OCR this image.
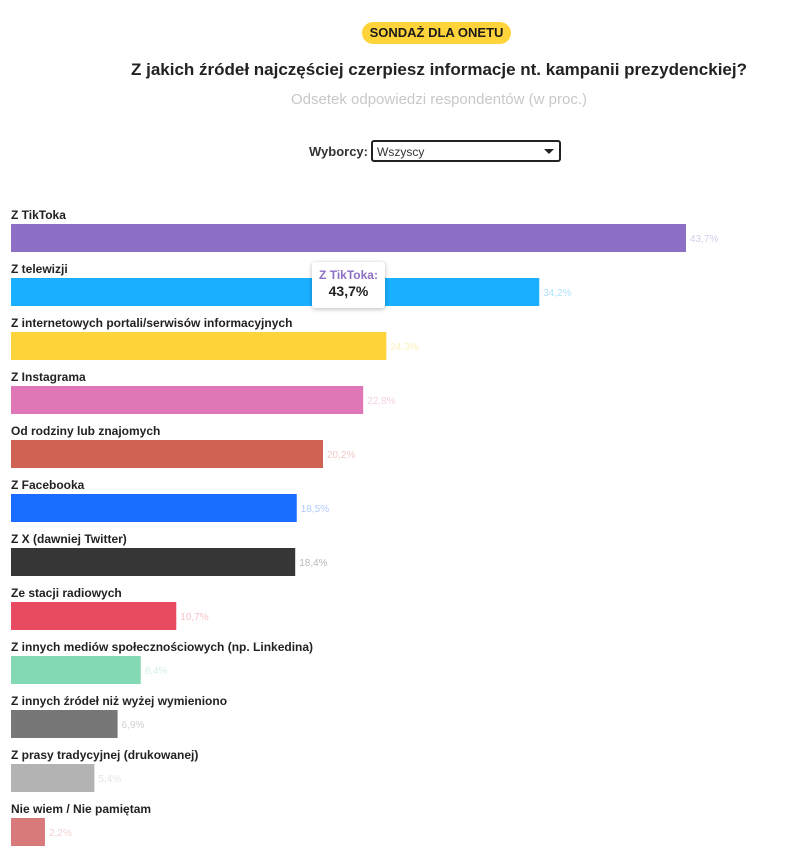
SONDAŻ DLA ONETU
Z jakich źródeł najczęściej czerpiesz informacje nt. kampanii prezydenckiej?
Odsetek odpowiedzi respondentów (w proc.)
Wyborcy: Wszyscy
Z TikToka
43,7%
Z telewizji
34,2%
Z internetowych portali/serwisów informacyjnych
24,3%
Z Instagrama
22,8%
Od rodziny lub znajomych
20,2%
Z Facebooka
18,5%
Z X (dawniej Twitter)
18,4%
Ze stacji radiowych
10,7%
Z innych mediów społecznościowych (np. Linkedina)
8,4%
Z innych źródeł niż wyżej wymieniono
6,9%
Z prasy tradycyjnej (drukowanej)
5,4%
Nie wiem / Nie pamiętam
2,2%
Z TikToka:
43,7%
